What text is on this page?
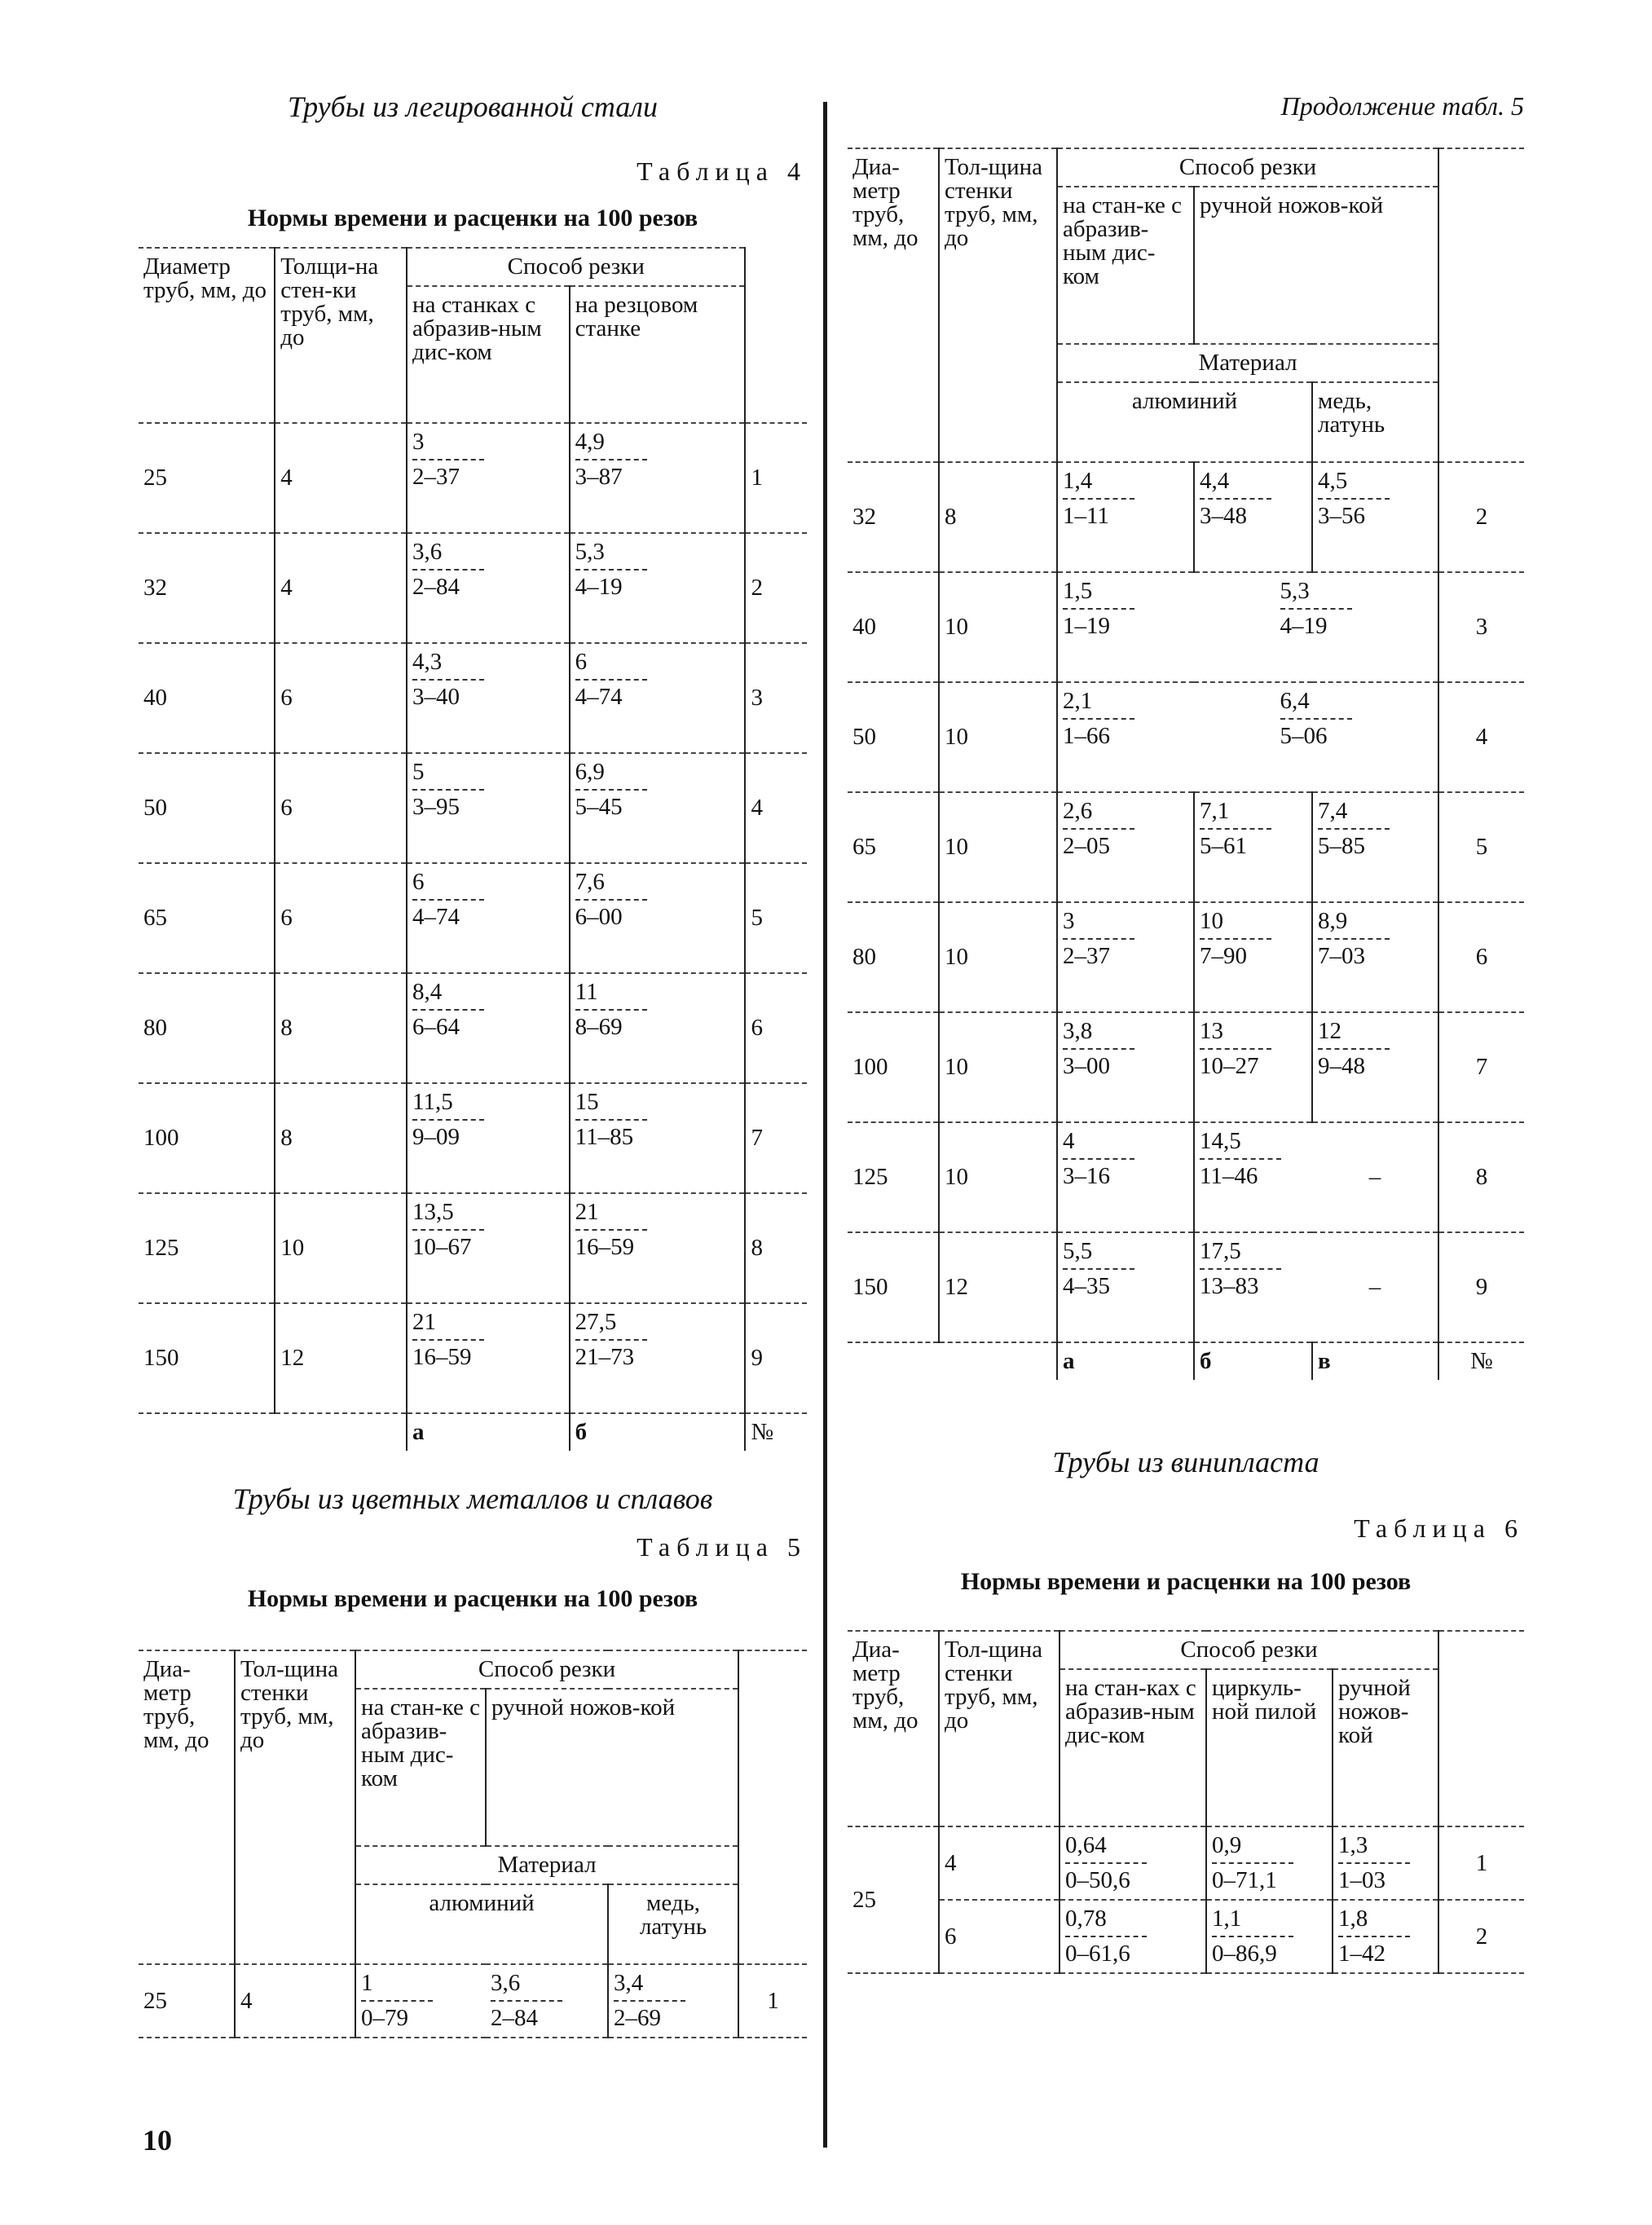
Трубы из легированной стали

Таблица 4

Нормы времени и расценки на 100 резов

Диаметр труб, мм, до	Толщи-на стен-ки труб, мм, до	Способ резки		
		на станках с абразив-ным дис-ком	на резцовом станке	
25	4	$\frac{3}{2-37}$	$\frac{4,9}{3-87}$	1
32	4	$\frac{3,6}{2-84}$	$\frac{5,3}{4-19}$	2
40	6	$\frac{4,3}{3-40}$	$\frac{6}{4-74}$	3
50	6	$\frac{5}{3-95}$	$\frac{6,9}{5-45}$	4
65	6	$\frac{6}{4-74}$	$\frac{7,6}{6-00}$	5
80	8	$\frac{8,4}{6-64}$	$\frac{11}{8-69}$	6
100	8	$\frac{11,5}{9-09}$	$\frac{15}{11-85}$	7
125	10	$\frac{13,5}{10-67}$	$\frac{21}{16-59}$	8
150	12	$\frac{21}{16-59}$	$\frac{27,5}{21-73}$	9
		а	б	№

Трубы из цветных металлов и сплавов

Таблица 5

Нормы времени и расценки на 100 резов

Диа-метр труб, мм, до	Тол-щина стенки труб, мм, до	Способ резки			
		на стан-ке с абразив-ным дис-ком	ручной ножов-кой		
		Материал			
		алюминий		медь, латунь	
25	4	$\frac{1}{0-79}$	$\frac{3,6}{2-84}$	$\frac{3,4}{2-69}$	1

Продолжение табл. 5

Диа-метр труб, мм, до	Тол-щина стенки труб, мм, до	Способ резки			
		на стан-ке с абразив-ным дис-ком	ручной ножов-кой		
		Материал			
		алюминий		медь, латунь	
32	8	$\frac{1,4}{1-11}$	$\frac{4,4}{3-48}$	$\frac{4,5}{3-56}$	2
40	10	$\frac{1,5}{1-19}$	$\frac{5,3}{4-19}$		3
50	10	$\frac{2,1}{1-66}$	$\frac{6,4}{5-06}$		4
65	10	$\frac{2,6}{2-05}$	$\frac{7,1}{5-61}$	$\frac{7,4}{5-85}$	5
80	10	$\frac{3}{2-37}$	$\frac{10}{7-90}$	$\frac{8,9}{7-03}$	6
100	10	$\frac{3,8}{3-00}$	$\frac{13}{10-27}$	$\frac{12}{9-48}$	7
125	10	$\frac{4}{3-16}$	$\frac{14,5}{11-46}$	–	8
150	12	$\frac{5,5}{4-35}$	$\frac{17,5}{13-83}$	–	9
		а	б	в	№

Трубы из винипласта

Таблица 6

Нормы времени и расценки на 100 резов

Диа-метр труб, мм, до	Тол-щина стенки труб, мм, до	Способ резки			
		на стан-ках с абразив-ным дис-ком	циркуль-ной пилой	ручной ножов-кой	
25	4	$\frac{0,64}{0-50,6}$	$\frac{0,9}{0-71,1}$	$\frac{1,3}{1-03}$	1
	6	$\frac{0,78}{0-61,6}$	$\frac{1,1}{0-86,9}$	$\frac{1,8}{1-42}$	2
10
